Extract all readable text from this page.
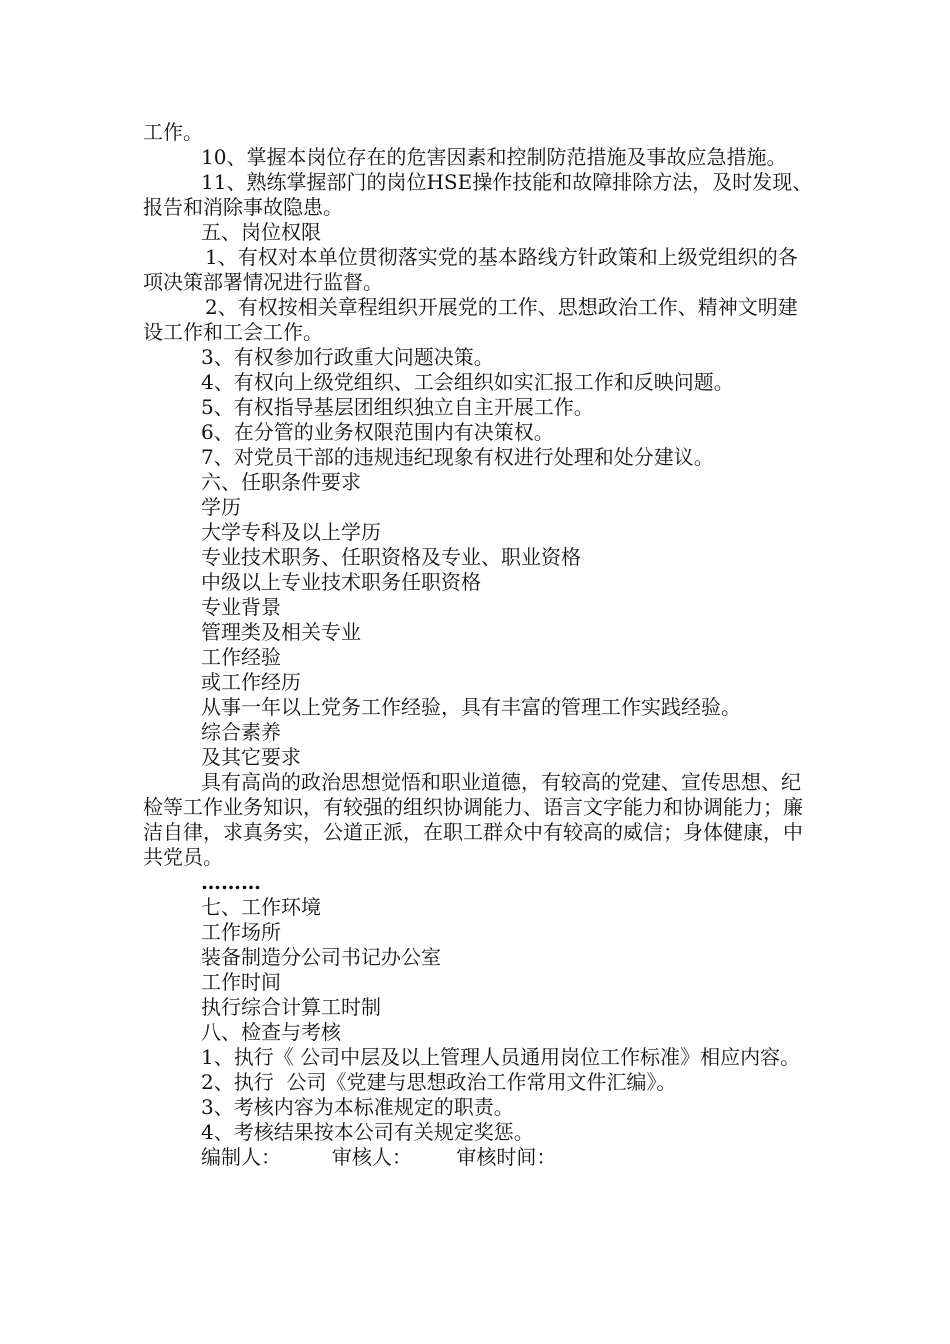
工作。

10、掌握本岗位存在的危害因素和控制防范措施及事故应急措施。

11、熟练掌握部门的岗位HSE操作技能和故障排除方法，及时发现、报告和消除事故隐患。

五、岗位权限

1、有权对本单位贯彻落实党的基本路线方针政策和上级党组织的各项决策部署情况进行监督。

2、有权按相关章程组织开展党的工作、思想政治工作、精神文明建设工作和工会工作。

3、有权参加行政重大问题决策。

4、有权向上级党组织、工会组织如实汇报工作和反映问题。

5、有权指导基层团组织独立自主开展工作。

6、在分管的业务权限范围内有决策权。

7、对党员干部的违规违纪现象有权进行处理和处分建议。

六、任职条件要求

学历

大学专科及以上学历

专业技术职务、任职资格及专业、职业资格

中级以上专业技术职务任职资格

专业背景

管理类及相关专业

工作经验

或工作经历

从事一年以上党务工作经验，具有丰富的管理工作实践经验。

综合素养

及其它要求

具有高尚的政治思想觉悟和职业道德，有较高的党建、宣传思想、纪检等工作业务知识，有较强的组织协调能力、语言文字能力和协调能力；廉洁自律，求真务实，公道正派，在职工群众中有较高的威信；身体健康，中共党员。

………

七、工作环境

工作场所

装备制造分公司书记办公室

工作时间

执行综合计算工时制

八、检查与考核

1、执行《 公司中层及以上管理人员通用岗位工作标准》相应内容。

2、执行  公司《党建与思想政治工作常用文件汇编》。

3、考核内容为本标准规定的职责。

4、考核结果按本公司有关规定奖惩。

编制人：        审核人：       审核时间：
